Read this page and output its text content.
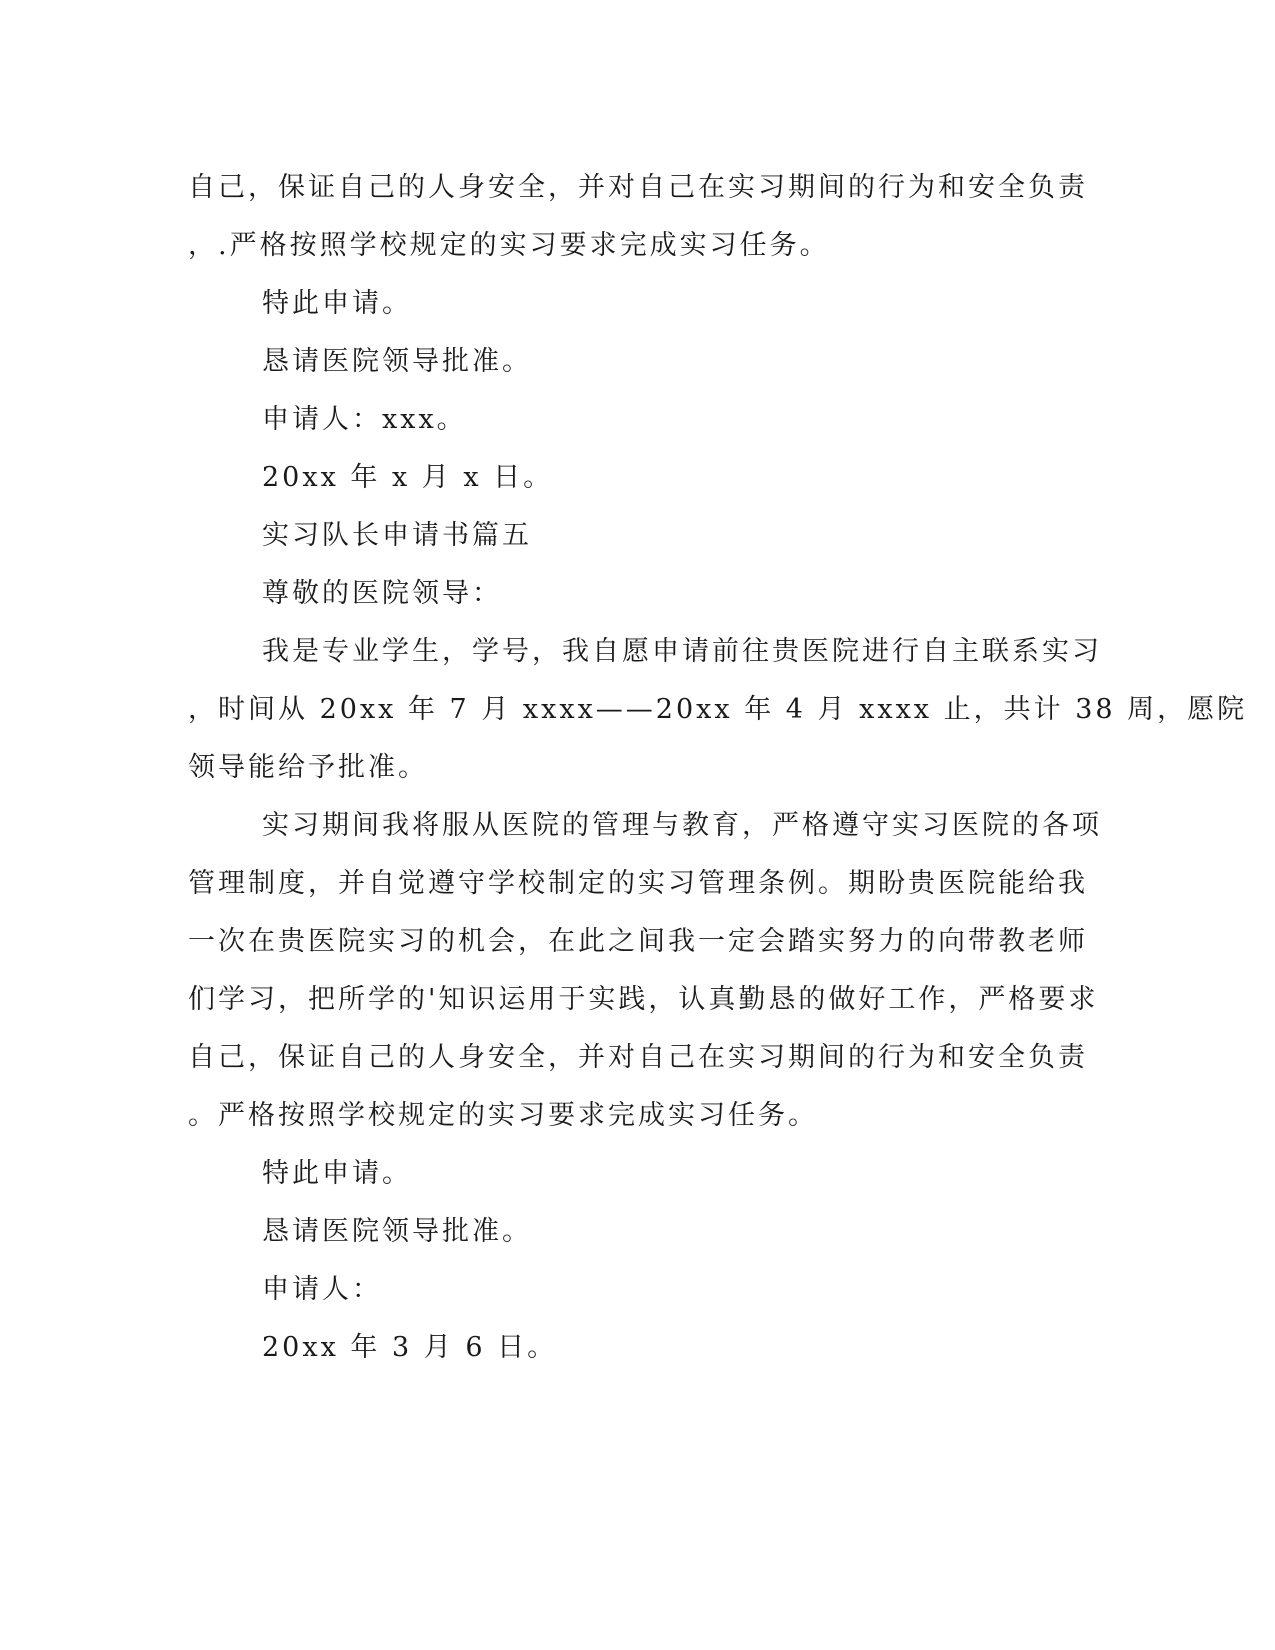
自己，保证自己的人身安全，并对自己在实习期间的行为和安全负责

，.严格按照学校规定的实习要求完成实习任务。

特此申请。

恳请医院领导批准。

申请人：xxx。

20xx 年 x 月 x 日。

实习队长申请书篇五

尊敬的医院领导：

我是专业学生，学号，我自愿申请前往贵医院进行自主联系实习

，时间从 20xx 年 7 月 xxxx——20xx 年 4 月 xxxx 止，共计 38 周，愿院

领导能给予批准。

实习期间我将服从医院的管理与教育，严格遵守实习医院的各项

管理制度，并自觉遵守学校制定的实习管理条例。期盼贵医院能给我

一次在贵医院实习的机会，在此之间我一定会踏实努力的向带教老师

们学习，把所学的'知识运用于实践，认真勤恳的做好工作，严格要求

自己，保证自己的人身安全，并对自己在实习期间的行为和安全负责

。严格按照学校规定的实习要求完成实习任务。

特此申请。

恳请医院领导批准。

申请人：

20xx 年 3 月 6 日。
